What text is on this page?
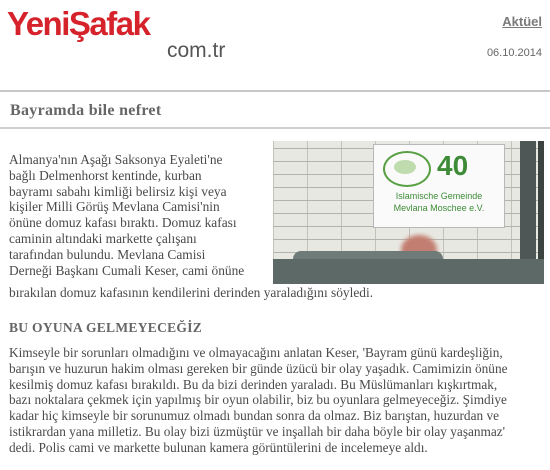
YeniŞafak
com.tr
Aktüel
06.10.2014
Bayramda bile nefret
40
Islamische Gemeinde
Mevlana Moschee e.V.
Almanya'nın Aşağı Saksonya Eyaleti'ne
bağlı Delmenhorst kentinde, kurban
bayramı sabahı kimliği belirsiz kişi veya
kişiler Milli Görüş Mevlana Camisi'nin
önüne domuz kafası bıraktı. Domuz kafası
caminin altındaki markette çalışanı
tarafından bulundu. Mevlana Camisi
Derneği Başkanı Cumali Keser, cami önüne
bırakılan domuz kafasının kendilerini derinden yaraladığını söyledi.
BU OYUNA GELMEYECEĞİZ
Kimseyle bir sorunları olmadığını ve olmayacağını anlatan Keser, 'Bayram günü kardeşliğin,
barışın ve huzurun hakim olması gereken bir günde üzücü bir olay yaşadık. Camimizin önüne
kesilmiş domuz kafası bırakıldı. Bu da bizi derinden yaraladı. Bu Müslümanları kışkırtmak,
bazı noktalara çekmek için yapılmış bir oyun olabilir, biz bu oyunlara gelmeyeceğiz. Şimdiye
kadar hiç kimseyle bir sorunumuz olmadı bundan sonra da olmaz. Biz barıştan, huzurdan ve
istikrardan yana milletiz. Bu olay bizi üzmüştür ve inşallah bir daha böyle bir olay yaşanmaz'
dedi. Polis cami ve markette bulunan kamera görüntülerini de incelemeye aldı.
